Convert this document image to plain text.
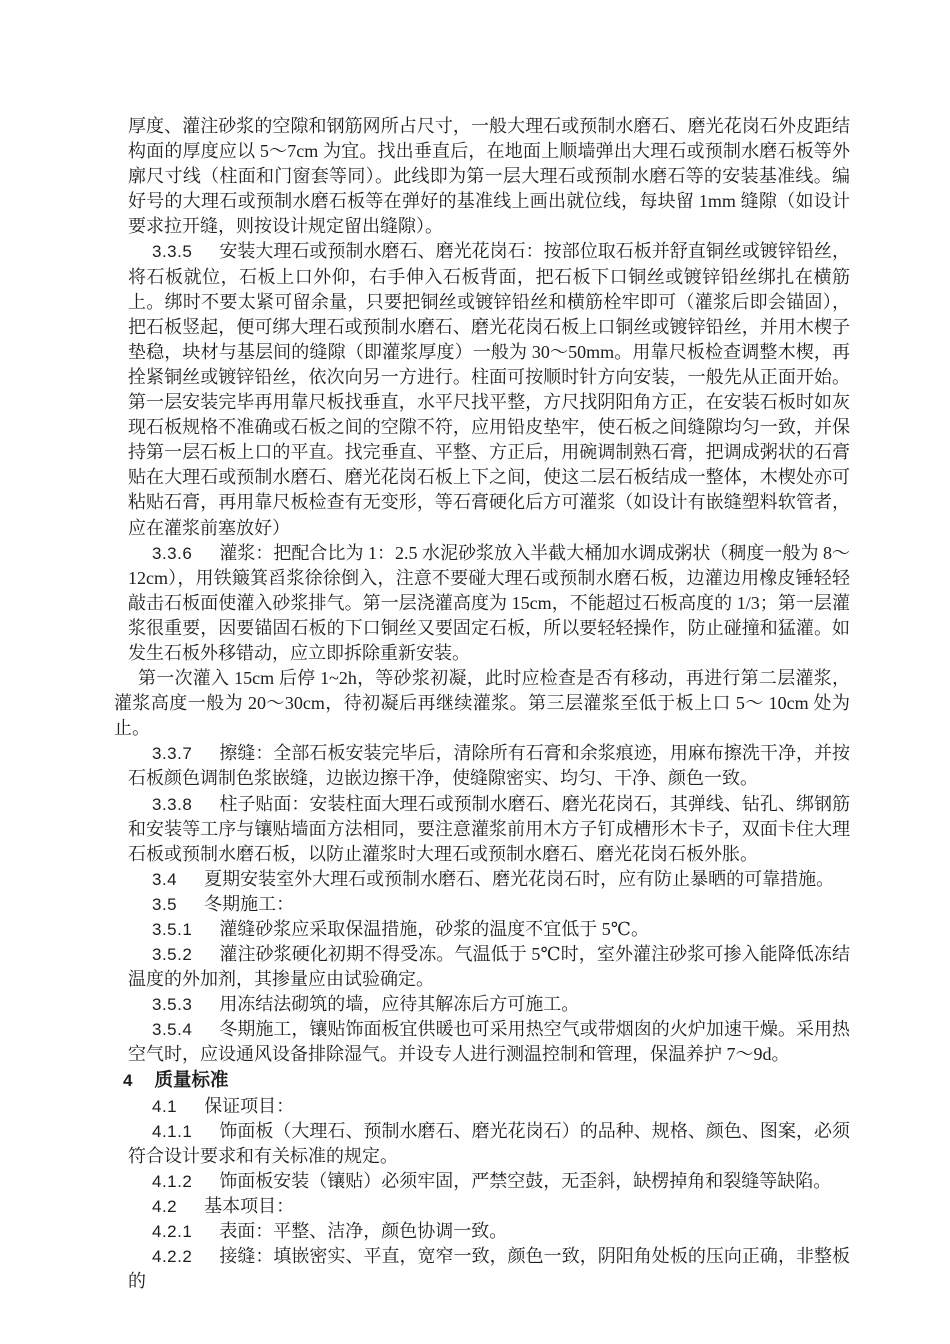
厚度、灌注砂浆的空隙和钢筋网所占尺寸，一般大理石或预制水磨石、磨光花岗石外皮距结构面的厚度应以 5～7cm 为宜。找出垂直后，在地面上顺墙弹出大理石或预制水磨石板等外廓尺寸线（柱面和门窗套等同）。此线即为第一层大理石或预制水磨石等的安装基准线。编好号的大理石或预制水磨石板等在弹好的基准线上画出就位线，每块留 1mm 缝隙（如设计要求拉开缝，则按设计规定留出缝隙）。

3.3.5 安装大理石或预制水磨石、磨光花岗石：按部位取石板并舒直铜丝或镀锌铅丝，将石板就位，石板上口外仰，右手伸入石板背面，把石板下口铜丝或镀锌铅丝绑扎在横筋上。绑时不要太紧可留余量，只要把铜丝或镀锌铅丝和横筋栓牢即可（灌浆后即会锚固），把石板竖起，便可绑大理石或预制水磨石、磨光花岗石板上口铜丝或镀锌铅丝，并用木楔子垫稳，块材与基层间的缝隙（即灌浆厚度）一般为 30～50mm。用靠尺板检查调整木楔，再拴紧铜丝或镀锌铅丝，依次向另一方进行。柱面可按顺时针方向安装，一般先从正面开始。第一层安装完毕再用靠尺板找垂直，水平尺找平整，方尺找阴阳角方正，在安装石板时如灰现石板规格不准确或石板之间的空隙不符，应用铅皮垫牢，使石板之间缝隙均匀一致，并保持第一层石板上口的平直。找完垂直、平整、方正后，用碗调制熟石膏，把调成粥状的石膏贴在大理石或预制水磨石、磨光花岗石板上下之间，使这二层石板结成一整体，木楔处亦可粘贴石膏，再用靠尺板检查有无变形，等石膏硬化后方可灌浆（如设计有嵌缝塑料软管者，应在灌浆前塞放好）

3.3.6 灌浆：把配合比为 1：2.5 水泥砂浆放入半截大桶加水调成粥状（稠度一般为 8～ 12cm），用铁簸箕舀浆徐徐倒入，注意不要碰大理石或预制水磨石板，边灌边用橡皮锤轻轻敲击石板面使灌入砂浆排气。第一层浇灌高度为 15cm，不能超过石板高度的 1/3；第一层灌浆很重要，因要锚固石板的下口铜丝又要固定石板，所以要轻轻操作，防止碰撞和猛灌。如发生石板外移错动，应立即拆除重新安装。

第一次灌入 15cm 后停 1~2h，等砂浆初凝，此时应检查是否有移动，再进行第二层灌浆，灌浆高度一般为 20～30cm，待初凝后再继续灌浆。第三层灌浆至低于板上口 5～ 10cm 处为止。

3.3.7 擦缝：全部石板安装完毕后，清除所有石膏和余浆痕迹，用麻布擦洗干净，并按石板颜色调制色浆嵌缝，边嵌边擦干净，使缝隙密实、均匀、干净、颜色一致。

3.3.8 柱子贴面：安装柱面大理石或预制水磨石、磨光花岗石，其弹线、钻孔、绑钢筋和安装等工序与镶贴墙面方法相同，要注意灌浆前用木方子钉成槽形木卡子，双面卡住大理石板或预制水磨石板，以防止灌浆时大理石或预制水磨石、磨光花岗石板外胀。

3.4 夏期安装室外大理石或预制水磨石、磨光花岗石时，应有防止暴晒的可靠措施。

3.5 冬期施工：

3.5.1 灌缝砂浆应采取保温措施，砂浆的温度不宜低于 5℃。

3.5.2 灌注砂浆硬化初期不得受冻。气温低于 5℃时，室外灌注砂浆可掺入能降低冻结温度的外加剂，其掺量应由试验确定。

3.5.3 用冻结法砌筑的墙，应待其解冻后方可施工。

3.5.4 冬期施工，镶贴饰面板宜供暖也可采用热空气或带烟囱的火炉加速干燥。采用热空气时，应设通风设备排除湿气。并设专人进行测温控制和管理，保温养护 7～9d。

4 质量标准

4.1 保证项目：

4.1.1 饰面板（大理石、预制水磨石、磨光花岗石）的品种、规格、颜色、图案，必须符合设计要求和有关标准的规定。

4.1.2 饰面板安装（镶贴）必须牢固，严禁空鼓，无歪斜，缺楞掉角和裂缝等缺陷。

4.2 基本项目：

4.2.1 表面：平整、洁净，颜色协调一致。

4.2.2 接缝：填嵌密实、平直，宽窄一致，颜色一致，阴阳角处板的压向正确，非整板的
